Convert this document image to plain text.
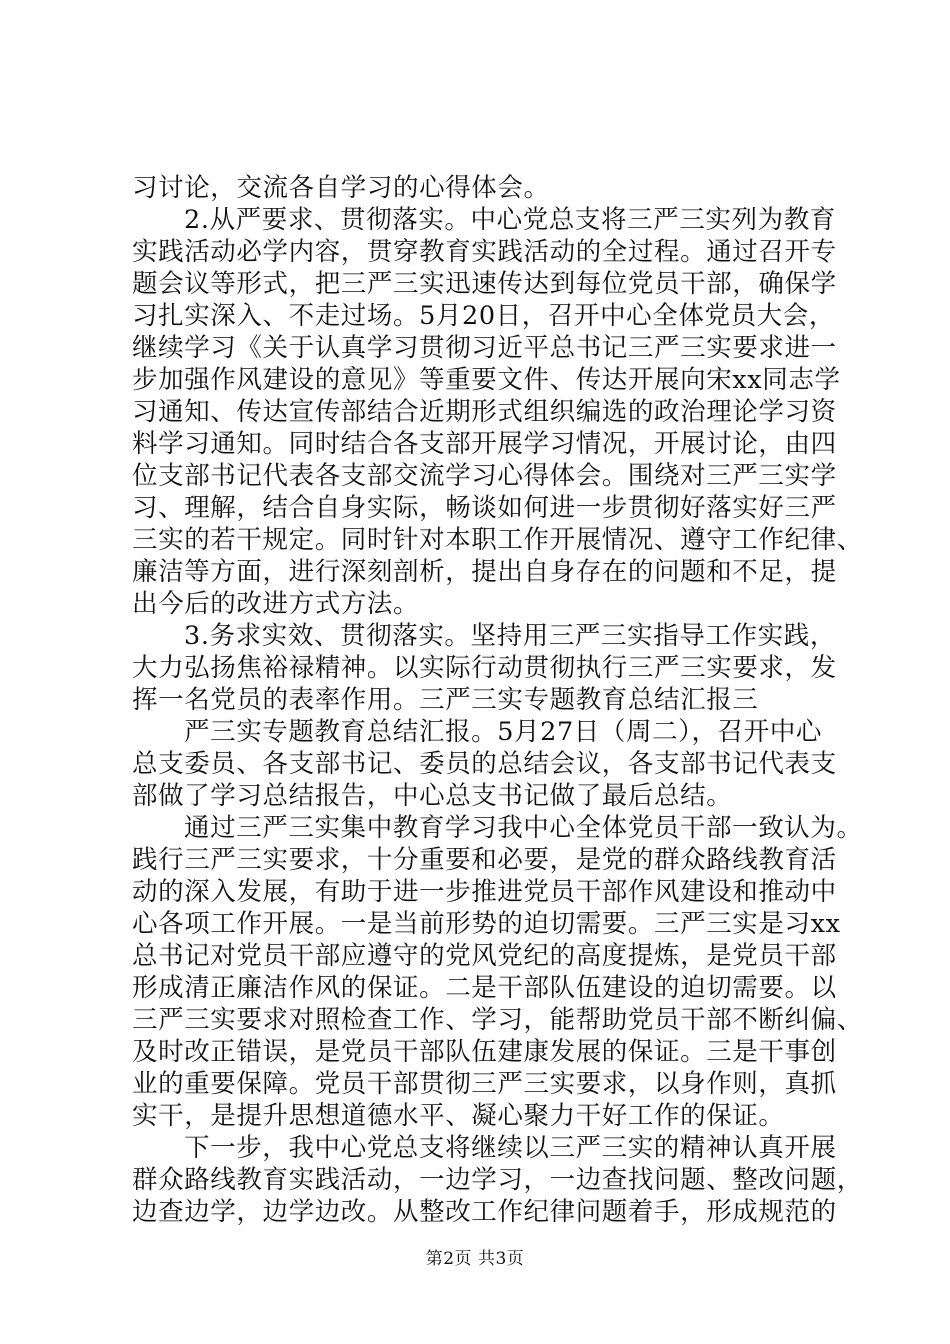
习讨论，交流各自学习的心得体会。
2.从严要求、贯彻落实。中心党总支将三严三实列为教育
实践活动必学内容，贯穿教育实践活动的全过程。通过召开专
题会议等形式，把三严三实迅速传达到每位党员干部，确保学
习扎实深入、不走过场。5月20日，召开中心全体党员大会，
继续学习《关于认真学习贯彻习近平总书记三严三实要求进一
步加强作风建设的意见》等重要文件、传达开展向宋xx同志学
习通知、传达宣传部结合近期形式组织编选的政治理论学习资
料学习通知。同时结合各支部开展学习情况，开展讨论，由四
位支部书记代表各支部交流学习心得体会。围绕对三严三实学
习、理解，结合自身实际，畅谈如何进一步贯彻好落实好三严
三实的若干规定。同时针对本职工作开展情况、遵守工作纪律、
廉洁等方面，进行深刻剖析，提出自身存在的问题和不足，提
出今后的改进方式方法。
3.务求实效、贯彻落实。坚持用三严三实指导工作实践，
大力弘扬焦裕禄精神。以实际行动贯彻执行三严三实要求，发
挥一名党员的表率作用。三严三实专题教育总结汇报三
严三实专题教育总结汇报。5月27日（周二），召开中心
总支委员、各支部书记、委员的总结会议，各支部书记代表支
部做了学习总结报告，中心总支书记做了最后总结。
通过三严三实集中教育学习我中心全体党员干部一致认为。
践行三严三实要求，十分重要和必要，是党的群众路线教育活
动的深入发展，有助于进一步推进党员干部作风建设和推动中
心各项工作开展。一是当前形势的迫切需要。三严三实是习xx
总书记对党员干部应遵守的党风党纪的高度提炼，是党员干部
形成清正廉洁作风的保证。二是干部队伍建设的迫切需要。以
三严三实要求对照检查工作、学习，能帮助党员干部不断纠偏、
及时改正错误，是党员干部队伍建康发展的保证。三是干事创
业的重要保障。党员干部贯彻三严三实要求，以身作则，真抓
实干，是提升思想道德水平、凝心聚力干好工作的保证。
下一步，我中心党总支将继续以三严三实的精神认真开展
群众路线教育实践活动，一边学习，一边查找问题、整改问题，
边查边学，边学边改。从整改工作纪律问题着手，形成规范的
第2页 共3页
